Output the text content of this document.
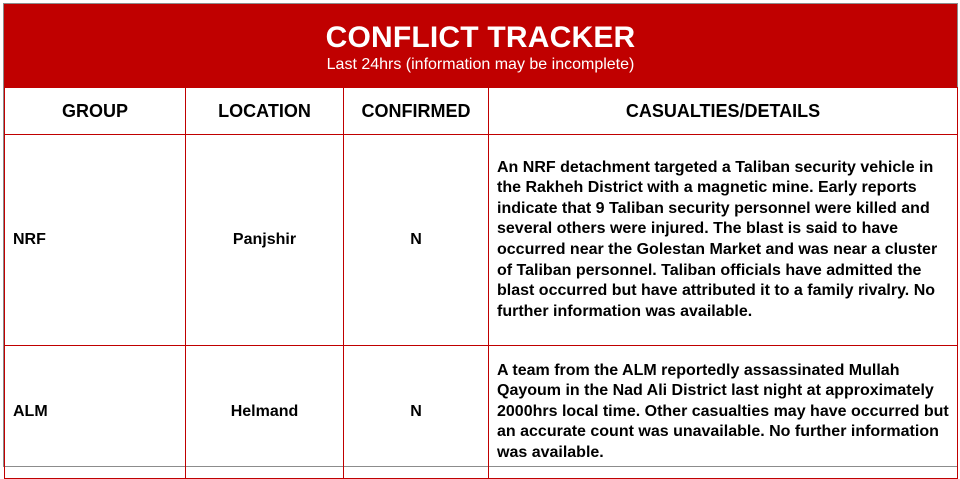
CONFLICT TRACKER
Last 24hrs (information may be incomplete)
GROUP	LOCATION	CONFIRMED	CASUALTIES/DETAILS
NRF	Panjshir	N	An NRF detachment targeted a Taliban security vehicle in the Rakheh District with a magnetic mine. Early reports indicate that 9 Taliban security personnel were killed and several others were injured. The blast is said to have occurred near the Golestan Market and was near a cluster of Taliban personnel. Taliban officials have admitted the blast occurred but have attributed it to a family rivalry. No further information was available.
ALM	Helmand	N	A team from the ALM reportedly assassinated Mullah Qayoum in the Nad Ali District last night at approximately 2000hrs local time. Other casualties may have occurred but an accurate count was unavailable. No further information was available.
